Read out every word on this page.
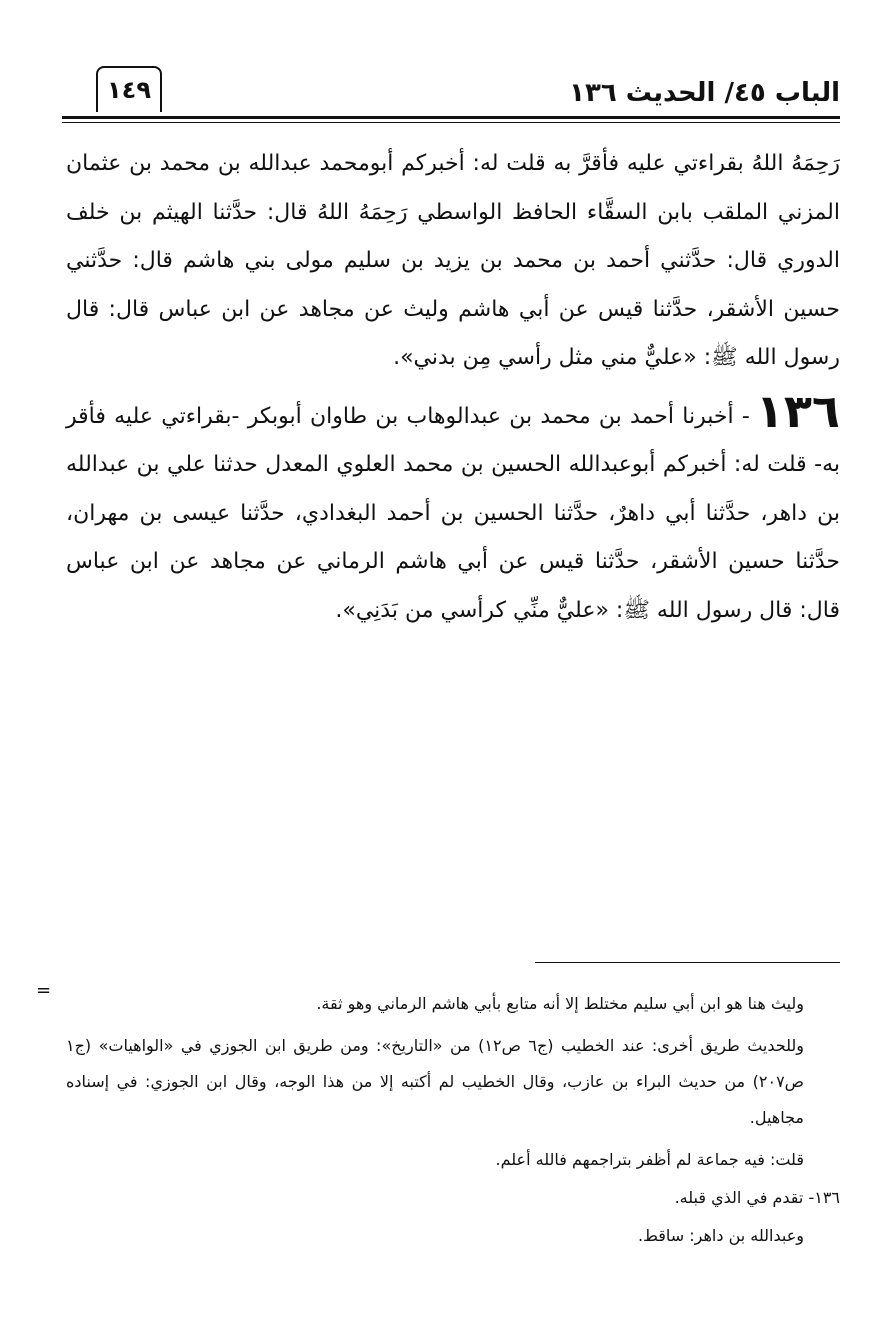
الباب ٤٥/ الحديث ١٣٦
١٤٩

رَحِمَهُ اللهُ بقراءتي عليه فأقرَّ به قلت له: أخبركم أبومحمد عبدالله بن محمد بن عثمان المزني الملقب بابن السقَّاء الحافظ الواسطي رَحِمَهُ اللهُ قال: حدَّثنا الهيثم بن خلف الدوري قال: حدَّثني أحمد بن محمد بن يزيد بن سليم مولى بني هاشم قال: حدَّثني حسين الأشقر، حدَّثنا قيس عن أبي هاشم وليث عن مجاهد عن ابن عباس قال: قال رسول الله ﷺ: «عليٌّ مني مثل رأسي مِن بدني».

١٣٦- أخبرنا أحمد بن محمد بن عبدالوهاب بن طاوان أبوبكر -بقراءتي عليه فأقر به- قلت له: أخبركم أبوعبدالله الحسين بن محمد العلوي المعدل حدثنا علي بن عبدالله بن داهر، حدَّثنا أبي داهرٌ، حدَّثنا الحسين بن أحمد البغدادي، حدَّثنا عيسى بن مهران، حدَّثنا حسين الأشقر، حدَّثنا قيس عن أبي هاشم الرماني عن مجاهد عن ابن عباس قال: قال رسول الله ﷺ: «عليٌّ منِّي كرأسي من بَدَنِي».

=

وليث هنا هو ابن أبي سليم مختلط إلا أنه متابع بأبي هاشم الرماني وهو ثقة.

وللحديث طريق أخرى: عند الخطيب (ج٦ ص١٢) من «التاريخ»: ومن طريق ابن الجوزي في «الواهيات» (ج١ ص٢٠٧) من حديث البراء بن عازب، وقال الخطيب لم أكتبه إلا من هذا الوجه، وقال ابن الجوزي: في إسناده مجاهيل.

قلت: فيه جماعة لم أظفر بتراجمهم فالله أعلم.

١٣٦- تقدم في الذي قبله.

وعبدالله بن داهر: ساقط.
